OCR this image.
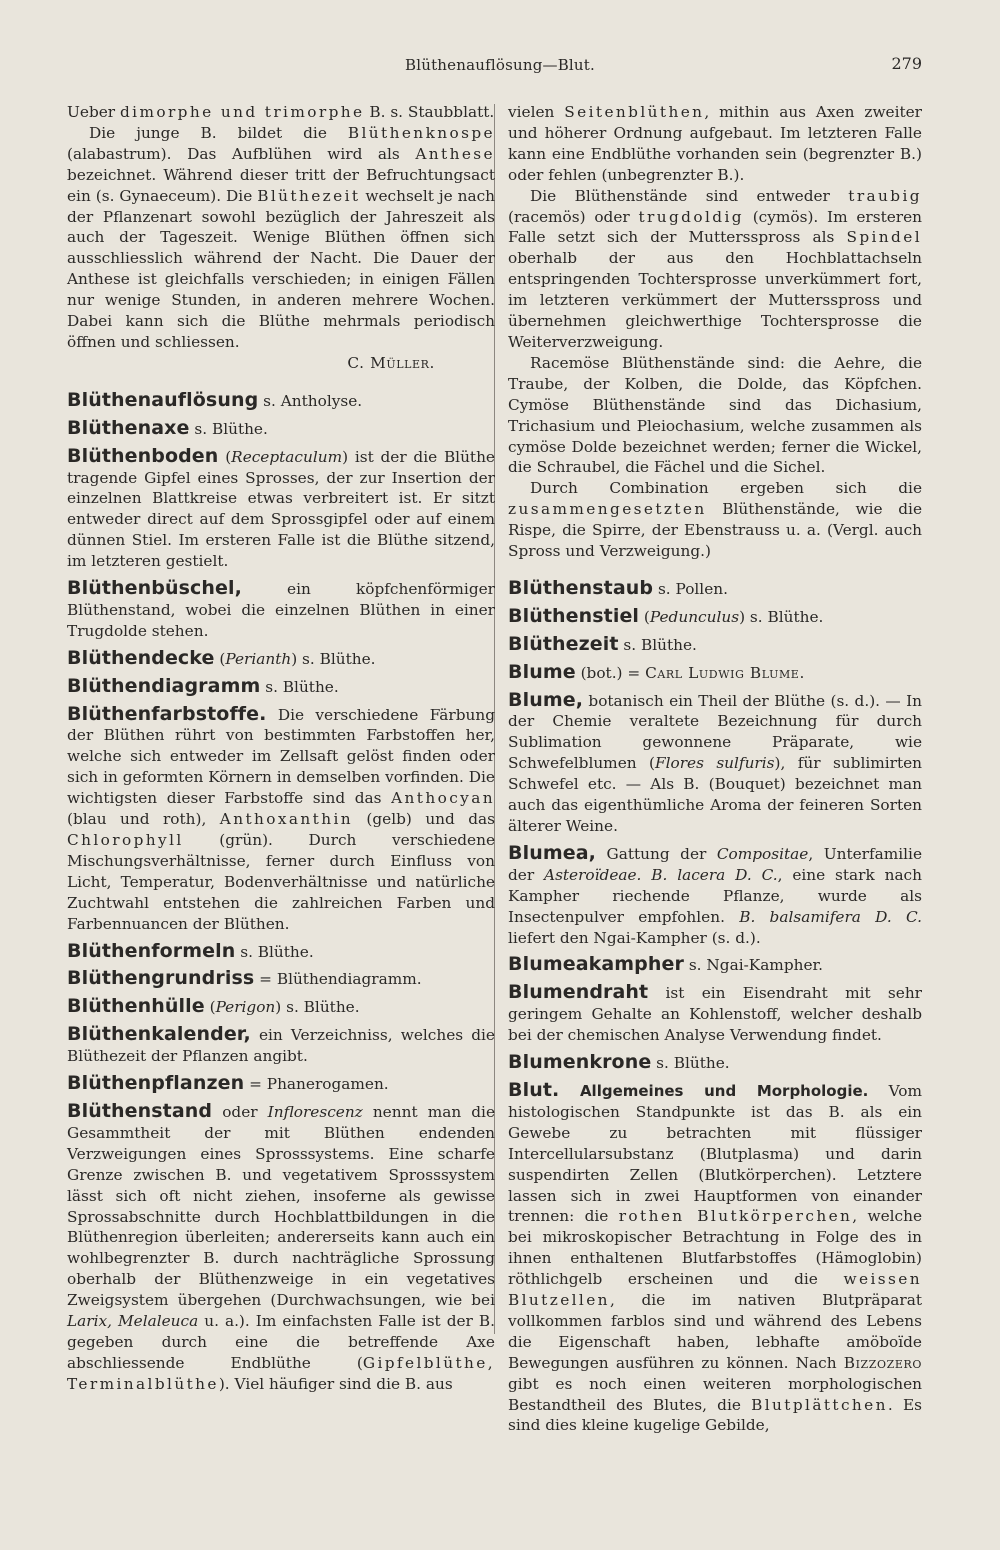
Blüthenauflösung—Blut.	279

Ueber dimorphe und trimorphe B. s. Staubblatt.

Die junge B. bildet die Blüthenknospe (alabastrum). Das Aufblühen wird als Anthese bezeichnet. Während dieser tritt der Befruchtungsact ein (s. Gynaeceum). Die Blüthezeit wechselt je nach der Pflanzenart sowohl bezüglich der Jahreszeit als auch der Tageszeit. Wenige Blüthen öffnen sich ausschliesslich während der Nacht. Die Dauer der Anthese ist gleichfalls verschieden; in einigen Fällen nur wenige Stunden, in anderen mehrere Wochen. Dabei kann sich die Blüthe mehrmals periodisch öffnen und schliessen.

C. Müller.

Blüthenauflösung s. Antholyse.

Blüthenaxe s. Blüthe.

Blüthenboden (Receptaculum) ist der die Blüthe tragende Gipfel eines Sprosses, der zur Insertion der einzelnen Blattkreise etwas verbreitert ist. Er sitzt entweder direct auf dem Sprossgipfel oder auf einem dünnen Stiel. Im ersteren Falle ist die Blüthe sitzend, im letzteren gestielt.

Blüthenbüschel, ein köpfchenförmiger Blüthenstand, wobei die einzelnen Blüthen in einer Trugdolde stehen.

Blüthendecke (Perianth) s. Blüthe.

Blüthendiagramm s. Blüthe.

Blüthenfarbstoffe. Die verschiedene Färbung der Blüthen rührt von bestimmten Farbstoffen her, welche sich entweder im Zellsaft gelöst finden oder sich in geformten Körnern in demselben vorfinden. Die wichtigsten dieser Farbstoffe sind das Anthocyan (blau und roth), Anthoxanthin (gelb) und das Chlorophyll (grün). Durch verschiedene Mischungsverhältnisse, ferner durch Einfluss von Licht, Temperatur, Bodenverhältnisse und natürliche Zuchtwahl entstehen die zahlreichen Farben und Farbennuancen der Blüthen.

Blüthenformeln s. Blüthe.

Blüthengrundriss = Blüthendiagramm.

Blüthenhülle (Perigon) s. Blüthe.

Blüthenkalender, ein Verzeichniss, welches die Blüthezeit der Pflanzen angibt.

Blüthenpflanzen = Phanerogamen.

Blüthenstand oder Inflorescenz nennt man die Gesammtheit der mit Blüthen endenden Verzweigungen eines Sprosssystems. Eine scharfe Grenze zwischen B. und vegetativem Sprosssystem lässt sich oft nicht ziehen, insoferne als gewisse Sprossabschnitte durch Hochblattbildungen in die Blüthenregion überleiten; andererseits kann auch ein wohlbegrenzter B. durch nachträgliche Sprossung oberhalb der Blüthenzweige in ein vegetatives Zweigsystem übergehen (Durchwachsungen, wie bei Larix, Melaleuca u. a.). Im einfachsten Falle ist der B. gegeben durch eine die betreffende Axe abschliessende Endblüthe (Gipfelblüthe, Terminalblüthe). Viel häufiger sind die B. aus

vielen Seitenblüthen, mithin aus Axen zweiter und höherer Ordnung aufgebaut. Im letzteren Falle kann eine Endblüthe vorhanden sein (begrenzter B.) oder fehlen (unbegrenzter B.).

Die Blüthenstände sind entweder traubig (racemös) oder trugdoldig (cymös). Im ersteren Falle setzt sich der Muttersspross als Spindel oberhalb der aus den Hochblattachseln entspringenden Tochtersprosse unverkümmert fort, im letzteren verkümmert der Muttersspross und übernehmen gleichwerthige Tochtersprosse die Weiterverzweigung.

Racemöse Blüthenstände sind: die Aehre, die Traube, der Kolben, die Dolde, das Köpfchen. Cymöse Blüthenstände sind das Dichasium, Trichasium und Pleiochasium, welche zusammen als cymöse Dolde bezeichnet werden; ferner die Wickel, die Schraubel, die Fächel und die Sichel.

Durch Combination ergeben sich die zusammengesetzten Blüthenstände, wie die Rispe, die Spirre, der Ebenstrauss u. a. (Vergl. auch Spross und Verzweigung.)

Blüthenstaub s. Pollen.

Blüthenstiel (Pedunculus) s. Blüthe.

Blüthezeit s. Blüthe.

Blume (bot.) = Carl Ludwig Blume.

Blume, botanisch ein Theil der Blüthe (s. d.). — In der Chemie veraltete Bezeichnung für durch Sublimation gewonnene Präparate, wie Schwefelblumen (Flores sulfuris), für sublimirten Schwefel etc. — Als B. (Bouquet) bezeichnet man auch das eigenthümliche Aroma der feineren Sorten älterer Weine.

Blumea, Gattung der Compositae, Unterfamilie der Asteroïdeae. B. lacera D. C., eine stark nach Kampher riechende Pflanze, wurde als Insectenpulver empfohlen. B. balsamifera D. C. liefert den Ngai-Kampher (s. d.).

Blumeakampher s. Ngai-Kampher.

Blumendraht ist ein Eisendraht mit sehr geringem Gehalte an Kohlenstoff, welcher deshalb bei der chemischen Analyse Verwendung findet.

Blumenkrone s. Blüthe.

Blut. Allgemeines und Morphologie. Vom histologischen Standpunkte ist das B. als ein Gewebe zu betrachten mit flüssiger Intercellularsubstanz (Blutplasma) und darin suspendirten Zellen (Blutkörperchen). Letztere lassen sich in zwei Hauptformen von einander trennen: die rothen Blutkörperchen, welche bei mikroskopischer Betrachtung in Folge des in ihnen enthaltenen Blutfarbstoffes (Hämoglobin) röthlichgelb erscheinen und die weissen Blutzellen, die im nativen Blutpräparat vollkommen farblos sind und während des Lebens die Eigenschaft haben, lebhafte amöboïde Bewegungen ausführen zu können. Nach Bizzozero gibt es noch einen weiteren morphologischen Bestandtheil des Blutes, die Blutplättchen. Es sind dies kleine kugelige Gebilde,
